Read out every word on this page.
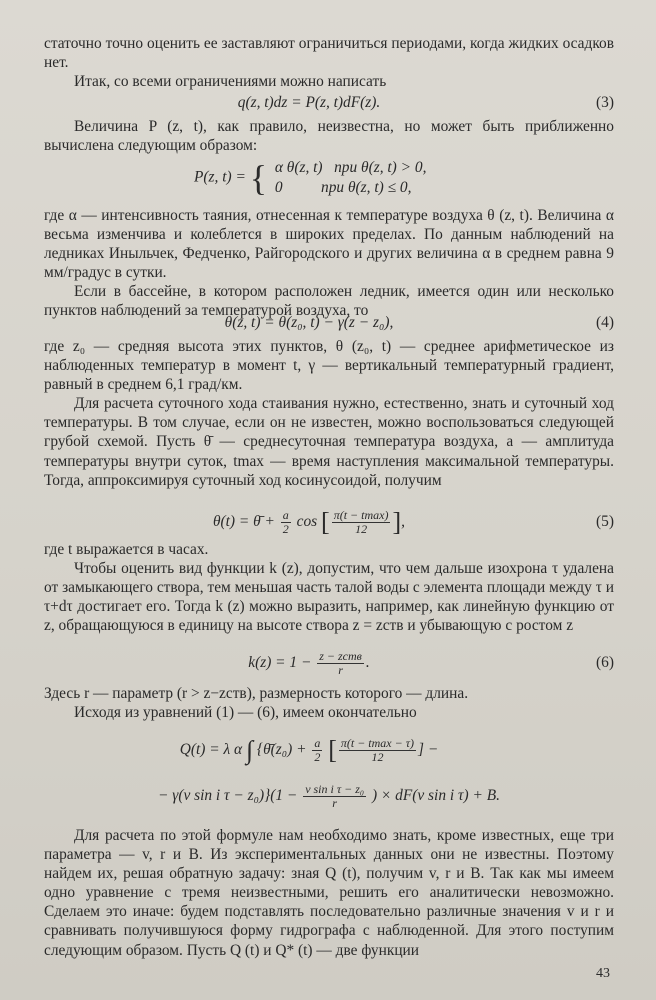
статочно точно оценить ее заставляют ограничиться периодами, когда жидких осадков нет.

Итак, со всеми ограничениями можно написать

q(z, t)dz = P(z, t)dF(z).	(3)

Величина P (z, t), как правило, неизвестна, но может быть приближенно вычислена следующим образом:

P(z, t) = { α θ(z, t)   при θ(z, t) > 0,
0          при θ(z, t) ≤ 0,

где α — интенсивность таяния, отнесенная к температуре воздуха θ (z, t). Величина α весьма изменчива и колеблется в широких пределах. По данным наблюдений на ледниках Иныльчек, Федченко, Райгородского и других величина α в среднем равна 9 мм/градус в сутки.

Если в бассейне, в котором расположен ледник, имеется один или несколько пунктов наблюдений за температурой воздуха, то

θ(z, t) = θ(z₀, t) − γ(z − z₀),	(4)

где z₀ — средняя высота этих пунктов, θ (z₀, t) — среднее арифметическое из наблюденных температур в момент t, γ — вертикальный температурный градиент, равный в среднем 6,1 град/км.

Для расчета суточного хода стаивания нужно, естественно, знать и суточный ход температуры. В том случае, если он не известен, можно воспользоваться следующей грубой схемой. Пусть θ̄ — среднесуточная температура воздуха, a — амплитуда температуры внутри суток, tmax — время наступления максимальной температуры. Тогда, аппроксимируя суточный ход косинусоидой, получим

θ(t) = θ̄ + $\frac{a}{2}$ cos [ $\frac{\pi(t - tmax)}{12}$ ],	(5)

где t выражается в часах.

Чтобы оценить вид функции k (z), допустим, что чем дальше изохрона τ удалена от замыкающего створа, тем меньшая часть талой воды с элемента площади между τ и τ+dτ достигает его. Тогда k (z) можно выразить, например, как линейную функцию от z, обращающуюся в единицу на высоте створа z = zств и убывающую с ростом z

$k(z) = 1 - \frac{\text{z − zств}}{r}$ .	(6)

Здесь r — параметр (r > z−zств), размерность которого — длина.

Исходя из уравнений (1) — (6), имеем окончательно

Q(t) = λ α ∫ {θ̄(z₀) + $\frac{a}{2}$ [ $\frac{\pi(t - tmax - \tau)}{12}$ ] −
− γ(v sin i $\tau - z_0)\}(1 - \frac{\text{v sin i τ − z₀}}{r}$ ) × dF(v sin i τ) + B.

Для расчета по этой формуле нам необходимо знать, кроме известных, еще три параметра — v, r и B. Из экспериментальных данных они не известны. Поэтому найдем их, решая обратную задачу: зная Q (t), получим v, r и B. Так как мы имеем одно уравнение с тремя неизвестными, решить его аналитически невозможно. Сделаем это иначе: будем подставлять последовательно различные значения v и r и сравнивать получившуюся форму гидрографа с наблюденной. Для этого поступим следующим образом. Пусть Q (t) и Q* (t) — две функции

43
